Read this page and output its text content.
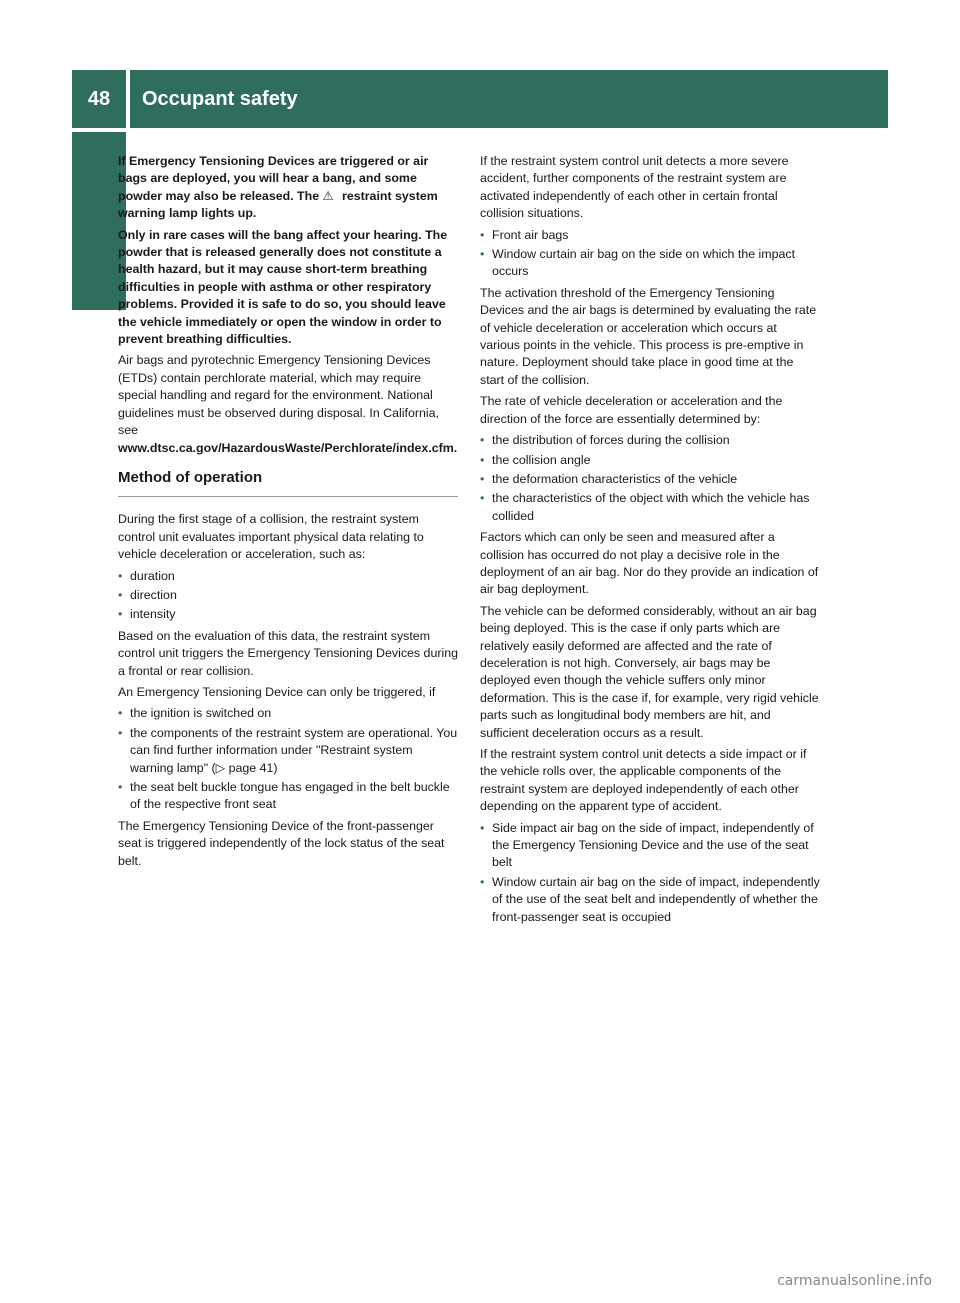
48	Occupant safety
Safety

If Emergency Tensioning Devices are triggered or air bags are deployed, you will hear a bang, and some powder may also be released. The ⚠ restraint system warning lamp lights up.

Only in rare cases will the bang affect your hearing. The powder that is released generally does not constitute a health hazard, but it may cause short-term breathing difficulties in people with asthma or other respiratory problems. Provided it is safe to do so, you should leave the vehicle immediately or open the window in order to prevent breathing difficulties.

Air bags and pyrotechnic Emergency Tensioning Devices (ETDs) contain perchlorate material, which may require special handling and regard for the environment. National guidelines must be observed during disposal. In California, see www.dtsc.ca.gov/HazardousWaste/Perchlorate/index.cfm.

Method of operation

During the first stage of a collision, the restraint system control unit evaluates important physical data relating to vehicle deceleration or acceleration, such as:

• duration
• direction
• intensity

Based on the evaluation of this data, the restraint system control unit triggers the Emergency Tensioning Devices during a frontal or rear collision.

An Emergency Tensioning Device can only be triggered, if

• the ignition is switched on
• the components of the restraint system are operational. You can find further information under "Restraint system warning lamp" (▷ page 41)
• the seat belt buckle tongue has engaged in the belt buckle of the respective front seat

The Emergency Tensioning Device of the front-passenger seat is triggered independently of the lock status of the seat belt.

If the restraint system control unit detects a more severe accident, further components of the restraint system are activated independently of each other in certain frontal collision situations.

• Front air bags
• Window curtain air bag on the side on which the impact occurs

The activation threshold of the Emergency Tensioning Devices and the air bags is determined by evaluating the rate of vehicle deceleration or acceleration which occurs at various points in the vehicle. This process is pre-emptive in nature. Deployment should take place in good time at the start of the collision.

The rate of vehicle deceleration or acceleration and the direction of the force are essentially determined by:

• the distribution of forces during the collision
• the collision angle
• the deformation characteristics of the vehicle
• the characteristics of the object with which the vehicle has collided

Factors which can only be seen and measured after a collision has occurred do not play a decisive role in the deployment of an air bag. Nor do they provide an indication of air bag deployment.

The vehicle can be deformed considerably, without an air bag being deployed. This is the case if only parts which are relatively easily deformed are affected and the rate of deceleration is not high. Conversely, air bags may be deployed even though the vehicle suffers only minor deformation. This is the case if, for example, very rigid vehicle parts such as longitudinal body members are hit, and sufficient deceleration occurs as a result.

If the restraint system control unit detects a side impact or if the vehicle rolls over, the applicable components of the restraint system are deployed independently of each other depending on the apparent type of accident.

• Side impact air bag on the side of impact, independently of the Emergency Tensioning Device and the use of the seat belt
• Window curtain air bag on the side of impact, independently of the use of the seat belt and independently of whether the front-passenger seat is occupied
carmanualsonline.info
